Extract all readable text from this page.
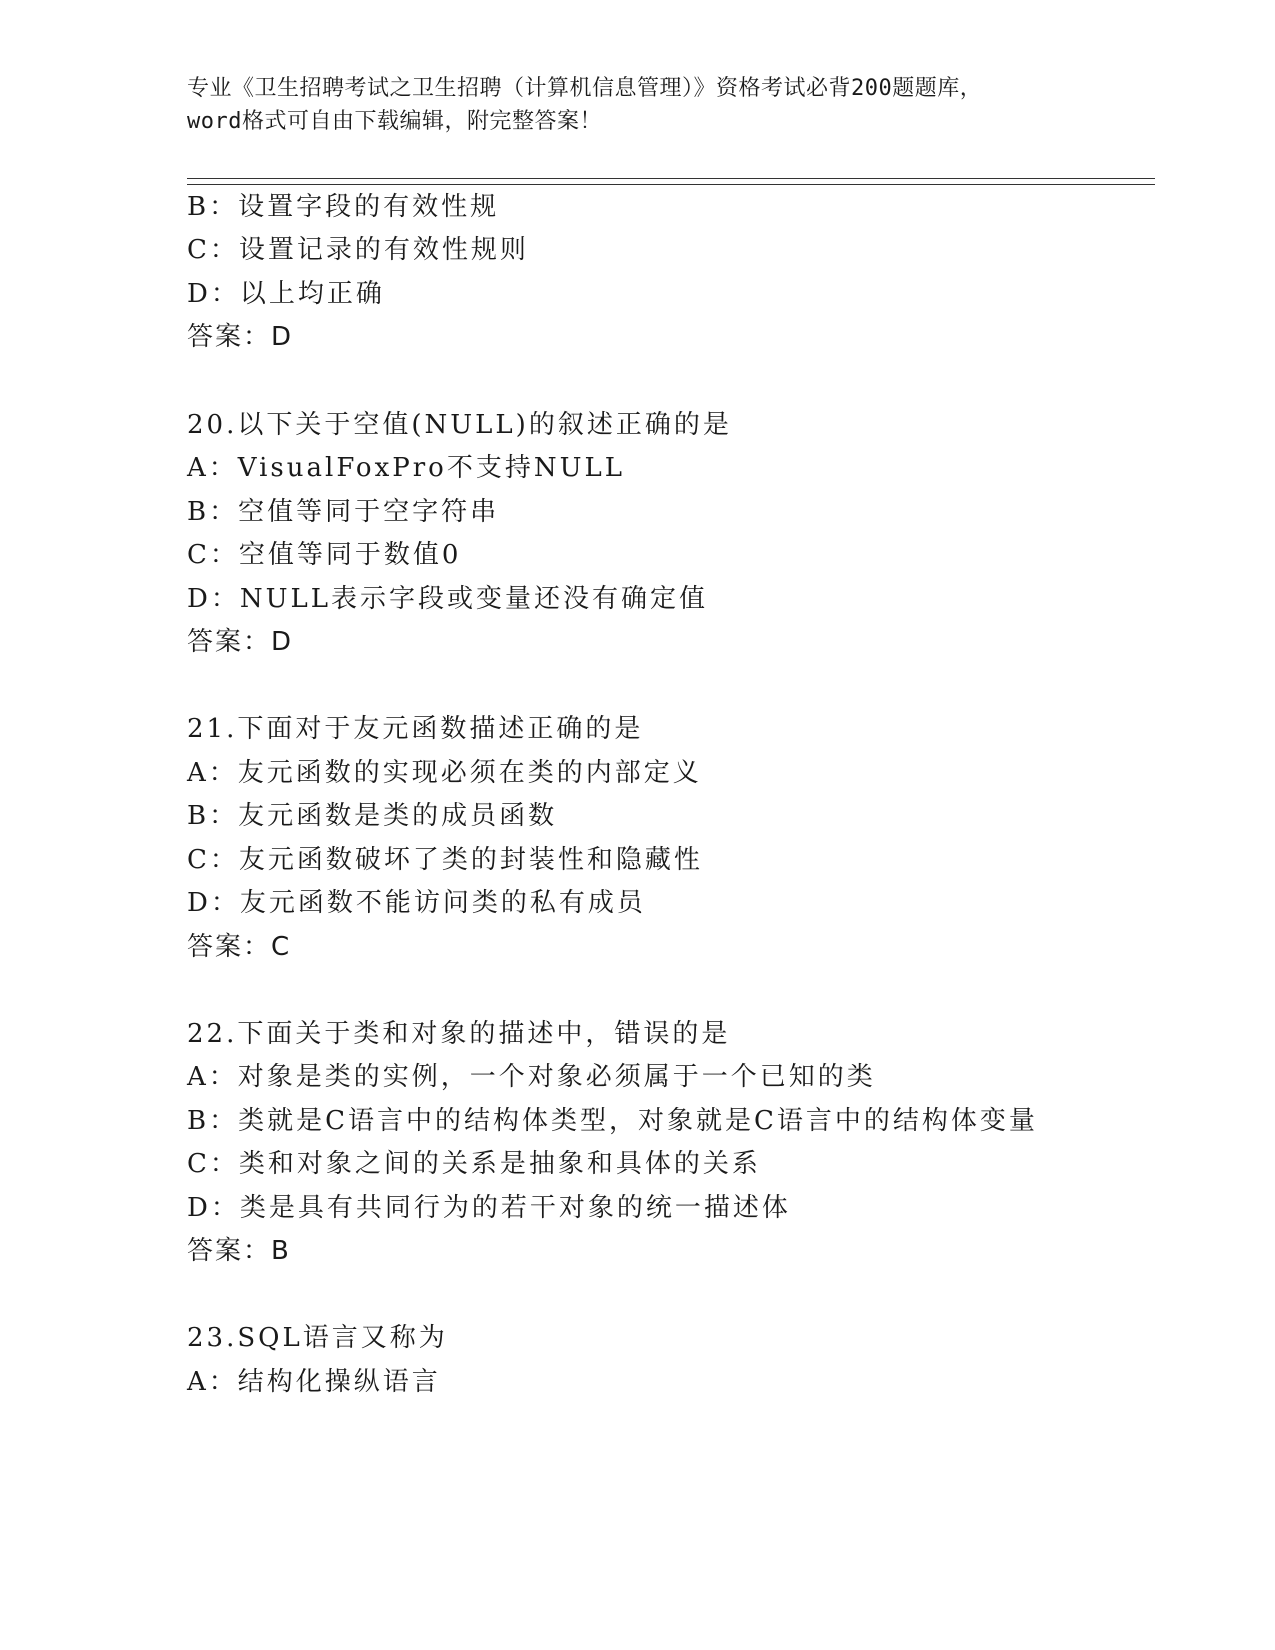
专业《卫生招聘考试之卫生招聘（计算机信息管理）》资格考试必背200题题库，
word格式可自由下载编辑，附完整答案！
B：设置字段的有效性规
C：设置记录的有效性规则
D：以上均正确
答案：D
20.以下关于空值(NULL)的叙述正确的是
A：VisualFoxPro不支持NULL
B：空值等同于空字符串
C：空值等同于数值0
D：NULL表示字段或变量还没有确定值
答案：D
21.下面对于友元函数描述正确的是
A：友元函数的实现必须在类的内部定义
B：友元函数是类的成员函数
C：友元函数破坏了类的封装性和隐藏性
D：友元函数不能访问类的私有成员
答案：C
22.下面关于类和对象的描述中，错误的是
A：对象是类的实例，一个对象必须属于一个已知的类
B：类就是C语言中的结构体类型，对象就是C语言中的结构体变量
C：类和对象之间的关系是抽象和具体的关系
D：类是具有共同行为的若干对象的统一描述体
答案：B
23.SQL语言又称为
A：结构化操纵语言
